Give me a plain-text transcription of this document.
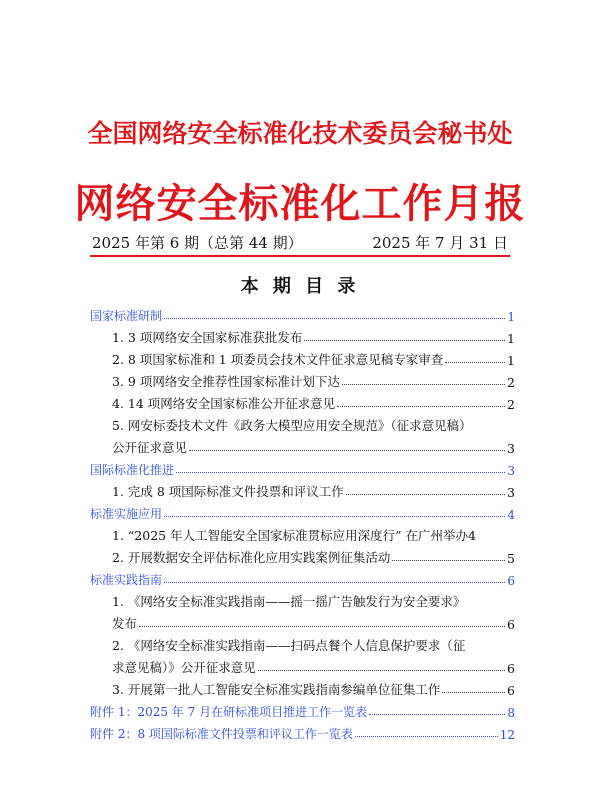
全国网络安全标准化技术委员会秘书处
网络安全标准化工作月报
2025 年第 6 期（总第 44 期）	2025 年 7 月 31 日
本 期 目 录
国家标准研制	1
1. 3 项网络安全国家标准获批发布	1
2. 8 项国家标准和 1 项委员会技术文件征求意见稿专家审查	1
3. 9 项网络安全推荐性国家标准计划下达	2
4. 14 项网络安全国家标准公开征求意见	2
5. 网安标委技术文件《政务大模型应用安全规范》（征求意见稿）
公开征求意见	3
国际标准化推进	3
1. 完成 8 项国际标准文件投票和评议工作	3
标准实施应用	4
1. “2025 年人工智能安全国家标准贯标应用深度行” 在广州举办4
2. 开展数据安全评估标准化应用实践案例征集活动	5
标准实践指南	6
1. 《网络安全标准实践指南——摇一摇广告触发行为安全要求》
发布	6
2. 《网络安全标准实践指南——扫码点餐个人信息保护要求（征
求意见稿）》公开征求意见	6
3. 开展第一批人工智能安全标准实践指南参编单位征集工作	6
附件 1：2025 年 7 月在研标准项目推进工作一览表	8
附件 2：8 项国际标准文件投票和评议工作一览表	12
